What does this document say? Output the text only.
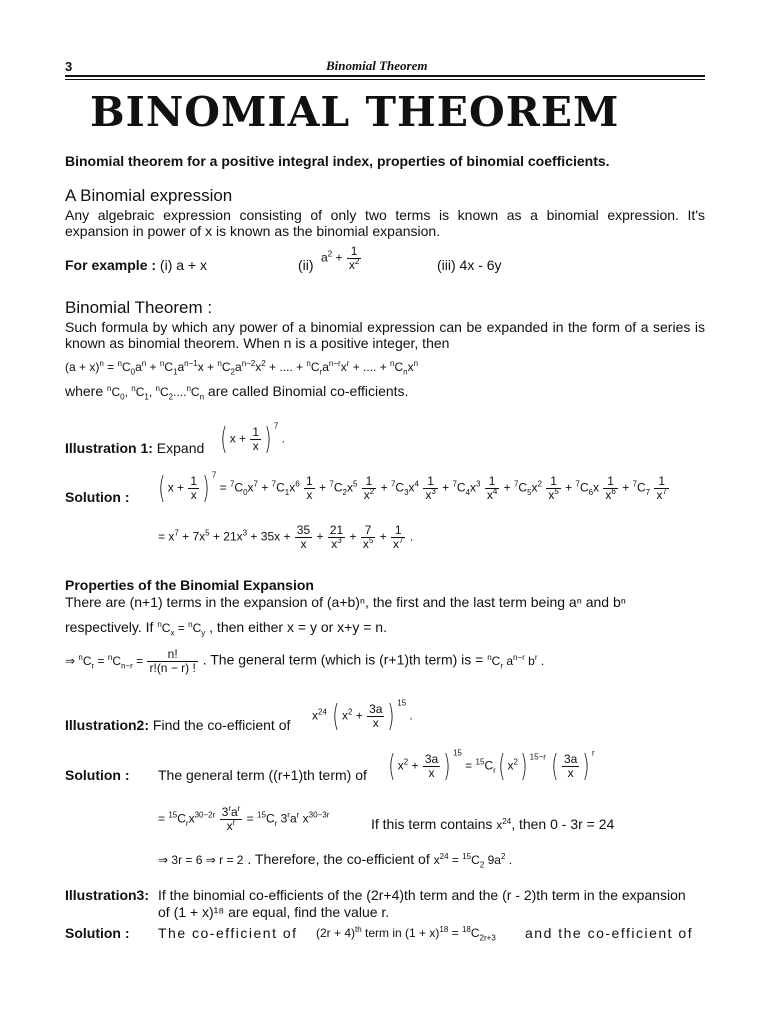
3	Binomial Theorem
BINOMIAL THEOREM
Binomial theorem for a positive integral index, properties of binomial coefficients.
A Binomial expression
Any algebraic expression consisting of only two terms is known as a binomial expression. It's expansion in power of x is known as the binomial expansion.
For example : (i) a + x	(ii) $a^2 + \frac{1}{x^2}$	(iii) 4x - 6y
Binomial Theorem :
Such formula by which any power of a binomial expression can be expanded in the form of a series is known as binomial theorem. When n is a positive integer, then
$(a + x)^n = ^nC_0a^n + ^nC_1a^{n-1}x + ^nC_2a^{n-2}x^2$ + .... + $^nC_ra^{n-r}x^r$ + .... + $^nC_nx^n$
where $^nC_0$, $^nC_1$, $^nC_2....^nC_n$ are called Binomial co-efficients.
Illustration 1: Expand ( $x + \frac{1}{x}$ ) $^7$ .
Solution : ( $x + \frac{1}{x}$ ) $^7 = ^7C_0x^7 + ^7C_1x^6 \frac{1}{x} + ^7C_2x^5 \frac{1}{x^2} + ^7C_3x^4 \frac{1}{x^3} + ^7C_4x^3 \frac{1}{x^4} + ^7C_5x^2 \frac{1}{x^5} + ^7C_6x \frac{1}{x^6} + ^7C_7 \frac{1}{x^7}$
= $x^7 + 7x^5 + 21x^3 + 35x + \frac{35}{x} + \frac{21}{x^3} + \frac{7}{x^5} + \frac{1}{x^7}$ .
Properties of the Binomial Expansion
There are (n+1) terms in the expansion of (a+b)ⁿ, the first and the last term being aⁿ and bⁿ
respectively. If $^nC_x = ^nC_y$ , then either x = y or x+y = n.
⇒ $^nC_r = ^nC_{n-r} = \frac{n!}{r!(n - r) !}$ . The general term (which is (r+1)th term) is = $^nC_r$ $a^{n-r}$ $b^r$ .
Illustration2: Find the co-efficient of
$x^{24}$ ( $x^2 + \frac{3a}{x}$ ) $^{15}$ .
Solution : The general term ((r+1)th term) of ( $x^2 + \frac{3a}{x}$ ) $^{15} = ^{15}C_r$( $x^2$) $^{15-r}$ ( $\frac{3a}{x}$ ) $^r$
= $^{15}C_rx^{30-2r} \frac{3^ra^r}{x^r} = ^{15}C_r$ $3^ra^r$ $x^{30-3r}$
If this term contains $x^{24}$, then 0 - 3r = 24
⇒ 3r = 6 ⇒ r = 2 . Therefore, the co-efficient of $x^{24} = ^{15}C_2$ $9a^2$ .
Illustration3: If the binomial co-efficients of the (2r+4)th term and the (r - 2)th term in the expansion
of (1 + x)¹⁸ are equal, find the value r.
Solution : The co-efficient of $(2r + 4)^{th}$ term in $(1 + x)^{18} = ^{18}C_{2r+3}$ and the co-efficient of
